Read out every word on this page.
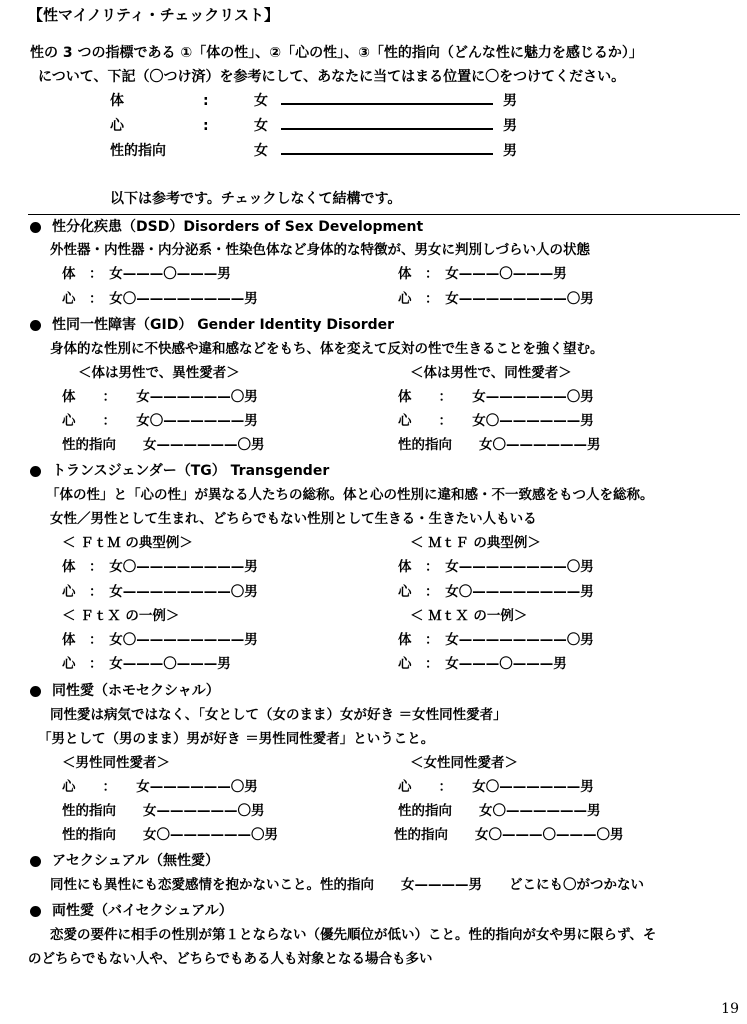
【性マイノリティ・チェックリスト】
性の 3 つの指標である ①「体の性」、②「心の性」、③「性的指向（どんな性に魅力を感じるか）」
について、下記（〇つけ済）を参考にして、あなたに当てはまる位置に〇をつけてください。
体	:	女	男
心	:	女	男
性的指向	女	男
以下は参考です。チェックしなくて結構です。
性分化疾患（DSD）Disorders of Sex Development
外性器・内性器・内分泌系・性染色体など身体的な特徴が、男女に判別しづらい人の状態
体　：　女———〇———男	体　：　女———〇———男
心　：　女〇————————男	心　：　女————————〇男
性同一性障害（GID） Gender Identity Disorder
身体的な性別に不快感や違和感などをもち、体を変えて反対の性で生きることを強く望む。
＜体は男性で、異性愛者＞	＜体は男性で、同性愛者＞
体　　：　　女——————〇男	体　　：　　女——————〇男
心　　：　　女〇——————男	心　　：　　女〇——————男
性的指向　　女——————〇男	性的指向　　女〇——————男
トランスジェンダー（TG） Transgender
「体の性」と「心の性」が異なる人たちの総称。体と心の性別に違和感・不一致感をもつ人を総称。
女性／男性として生まれ、どちらでもない性別として生きる・生きたい人もいる
＜ ＦｔＭ の典型例＞	＜ ＭｔＦ の典型例＞
体　：　女〇————————男	体　：　女————————〇男
心　：　女————————〇男	心　：　女〇————————男
＜ ＦｔＸ の一例＞	＜ ＭｔＸ の一例＞
体　：　女〇————————男	体　：　女————————〇男
心　：　女———〇———男	心　：　女———〇———男
同性愛（ホモセクシャル）
同性愛は病気ではなく、「女として（女のまま）女が好き ＝女性同性愛者」
「男として（男のまま）男が好き ＝男性同性愛者」ということ。
＜男性同性愛者＞	＜女性同性愛者＞
心　　：　　女——————〇男	心　　：　　女〇——————男
性的指向　　女——————〇男	性的指向　　女〇——————男
性的指向　　女〇——————〇男	性的指向　　女〇———〇———〇男
アセクシュアル（無性愛）
同性にも異性にも恋愛感情を抱かないこと。性的指向　　女————男　　どこにも〇がつかない
両性愛（バイセクシュアル）
恋愛の要件に相手の性別が第１とならない（優先順位が低い）こと。性的指向が女や男に限らず、そ
のどちらでもない人や、どちらでもある人も対象となる場合も多い
19
